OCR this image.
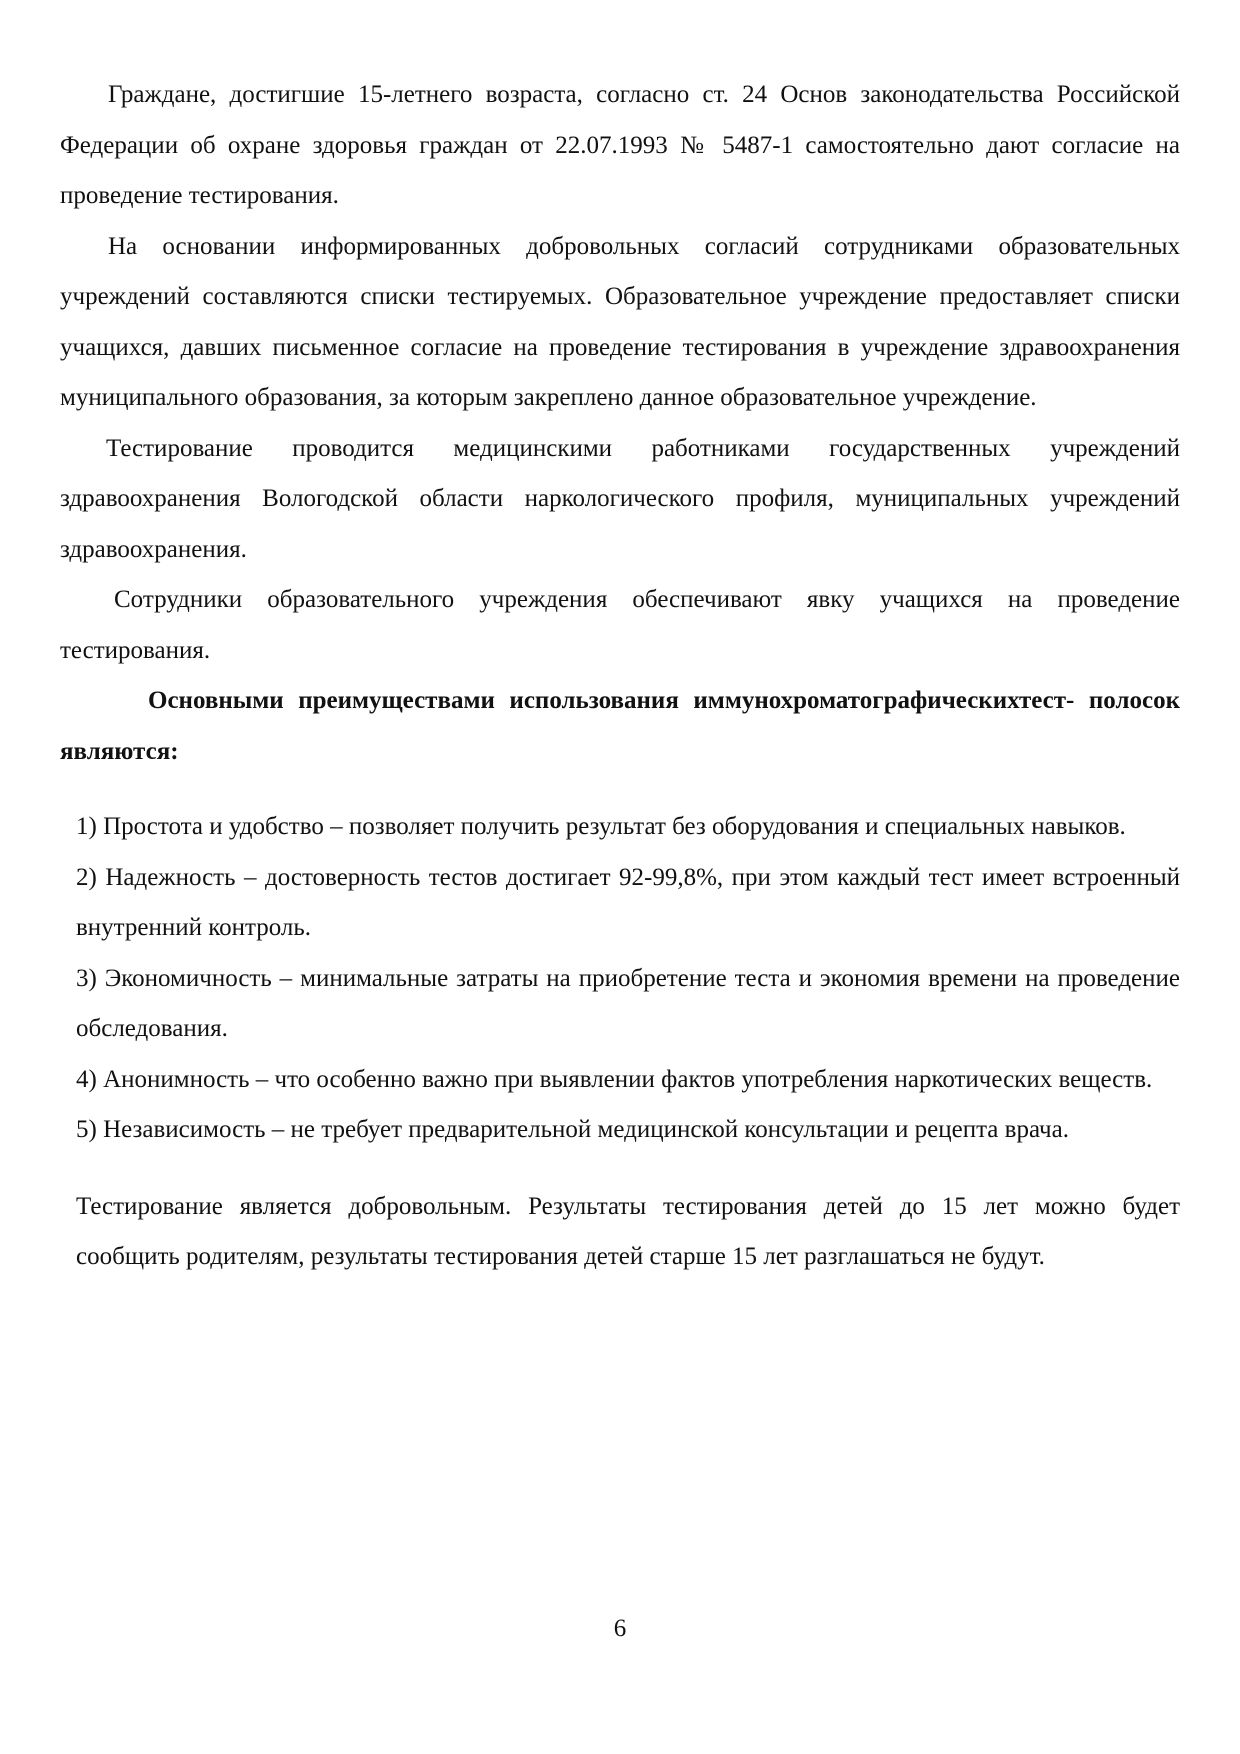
Граждане, достигшие 15-летнего возраста, согласно ст. 24 Основ законодательства Российской Федерации об охране здоровья граждан от 22.07.1993 № 5487-1 самостоятельно дают согласие на проведение тестирования.

На основании информированных добровольных согласий сотрудниками образовательных учреждений составляются списки тестируемых. Образовательное учреждение предоставляет списки учащихся, давших письменное согласие на проведение тестирования в учреждение здравоохранения муниципального образования, за которым закреплено данное образовательное учреждение.

Тестирование проводится медицинскими работниками государственных учреждений здравоохранения Вологодской области наркологического профиля, муниципальных учреждений здравоохранения.

Сотрудники образовательного учреждения обеспечивают явку учащихся на проведение тестирования.

Основными преимуществами использования иммунохроматографическихтест- полосок являются:

1) Простота и удобство – позволяет получить результат без оборудования и специальных навыков.
2) Надежность – достоверность тестов достигает 92-99,8%, при этом каждый тест имеет встроенный внутренний контроль.
3) Экономичность – минимальные затраты на приобретение теста и экономия времени на проведение обследования.
4) Анонимность – что особенно важно при выявлении фактов употребления наркотических веществ.
5) Независимость – не требует предварительной медицинской консультации и рецепта врача.

Тестирование является добровольным. Результаты тестирования детей до 15 лет можно будет сообщить родителям, результаты тестирования детей старше 15 лет разглашаться не будут.

6
